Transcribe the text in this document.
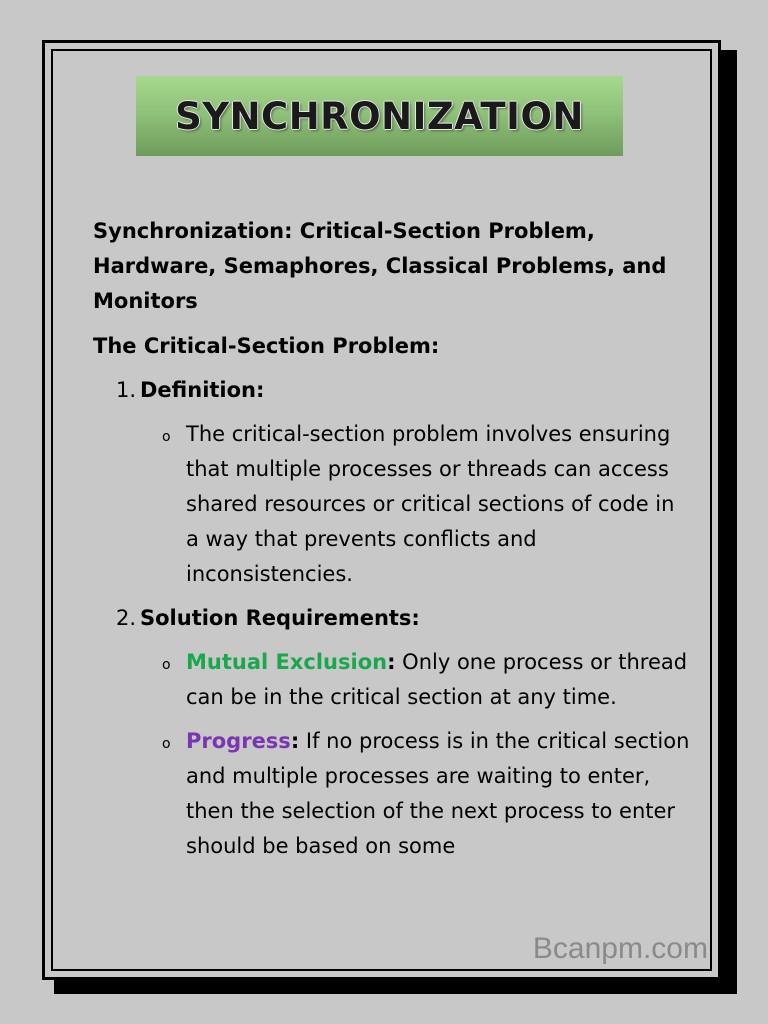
SYNCHRONIZATION

Synchronization: Critical-Section Problem, Hardware, Semaphores, Classical Problems, and Monitors

The Critical-Section Problem:
1. Definition:
o The critical-section problem involves ensuring that multiple processes or threads can access shared resources or critical sections of code in a way that prevents conflicts and inconsistencies.
2. Solution Requirements:
o Mutual Exclusion: Only one process or thread can be in the critical section at any time.
o Progress: If no process is in the critical section and multiple processes are waiting to enter, then the selection of the next process to enter should be based on some
Bcanpm.com
